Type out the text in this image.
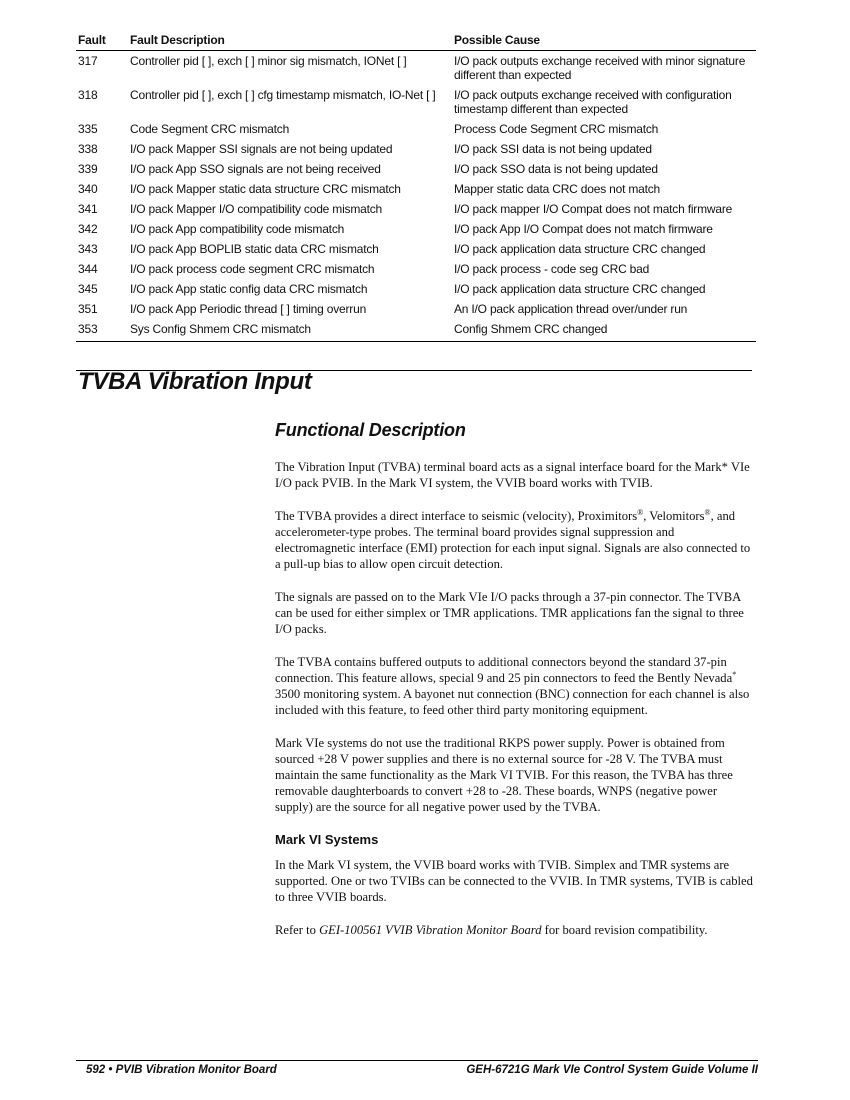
Fault	Fault Description	Possible Cause
317	Controller pid [ ], exch [ ] minor sig mismatch, IONet [ ]	I/O pack outputs exchange received with minor signature different than expected
318	Controller pid [ ], exch [ ] cfg timestamp mismatch, IO-Net [ ]	I/O pack outputs exchange received with configuration timestamp different than expected
335	Code Segment CRC mismatch	Process Code Segment CRC mismatch
338	I/O pack Mapper SSI signals are not being updated	I/O pack SSI data is not being updated
339	I/O pack App SSO signals are not being received	I/O pack SSO data is not being updated
340	I/O pack Mapper static data structure CRC mismatch	Mapper static data CRC does not match
341	I/O pack Mapper I/O compatibility code mismatch	I/O pack mapper I/O Compat does not match firmware
342	I/O pack App compatibility code mismatch	I/O pack App I/O Compat does not match firmware
343	I/O pack App BOPLIB static data CRC mismatch	I/O pack application data structure CRC changed
344	I/O pack process code segment CRC mismatch	I/O pack process - code seg CRC bad
345	I/O pack App static config data CRC mismatch	I/O pack application data structure CRC changed
351	I/O pack App Periodic thread [ ] timing overrun	An I/O pack application thread over/under run
353	Sys Config Shmem CRC mismatch	Config Shmem CRC changed
TVBA Vibration Input
Functional Description

The Vibration Input (TVBA) terminal board acts as a signal interface board for the Mark* VIe I/O pack PVIB. In the Mark VI system, the VVIB board works with TVIB.

The TVBA provides a direct interface to seismic (velocity), Proximitors®, Velomitors®, and accelerometer-type probes. The terminal board provides signal suppression and electromagnetic interface (EMI) protection for each input signal. Signals are also connected to a pull-up bias to allow open circuit detection.

The signals are passed on to the Mark VIe I/O packs through a 37-pin connector. The TVBA can be used for either simplex or TMR applications. TMR applications fan the signal to three I/O packs.

The TVBA contains buffered outputs to additional connectors beyond the standard 37-pin connection. This feature allows, special 9 and 25 pin connectors to feed the Bently Nevada* 3500 monitoring system. A bayonet nut connection (BNC) connection for each channel is also included with this feature, to feed other third party monitoring equipment.

Mark VIe systems do not use the traditional RKPS power supply. Power is obtained from sourced +28 V power supplies and there is no external source for -28 V. The TVBA must maintain the same functionality as the Mark VI TVIB. For this reason, the TVBA has three removable daughterboards to convert +28 to -28. These boards, WNPS (negative power supply) are the source for all negative power used by the TVBA.

Mark VI Systems

In the Mark VI system, the VVIB board works with TVIB. Simplex and TMR systems are supported. One or two TVIBs can be connected to the VVIB. In TMR systems, TVIB is cabled to three VVIB boards.

Refer to GEI-100561 VVIB Vibration Monitor Board for board revision compatibility.

592 • PVIB Vibration Monitor Board	GEH-6721G Mark VIe Control System Guide Volume II
